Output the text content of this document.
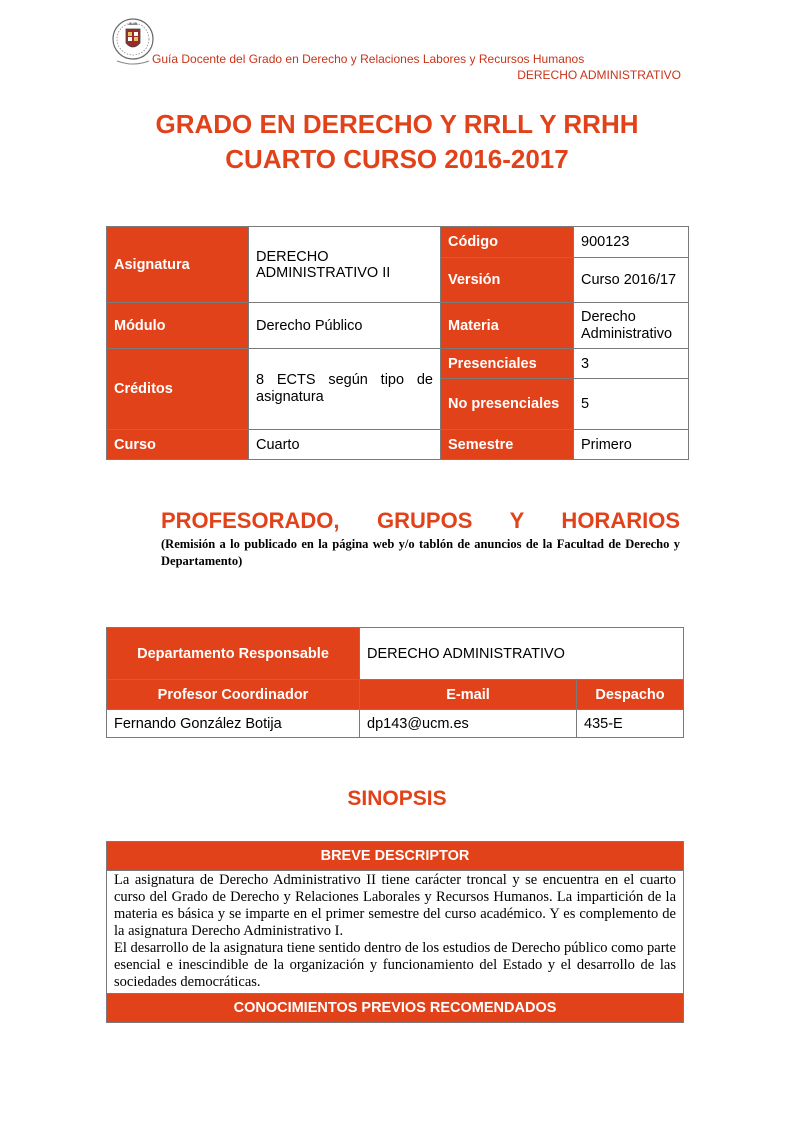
Guía Docente del Grado en Derecho y Relaciones Labores y Recursos Humanos
DERECHO ADMINISTRATIVO
GRADO EN DERECHO Y RRLL Y RRHH
CUARTO CURSO 2016-2017
Asignatura	DERECHO ADMINISTRATIVO II	Código	900123
		Versión	Curso 2016/17
Módulo	Derecho Público	Materia	Derecho Administrativo
Créditos	8 ECTS según tipo de asignatura	Presenciales	3
		No presenciales	5
Curso	Cuarto	Semestre	Primero
PROFESORADO, GRUPOS Y HORARIOS
(Remisión a lo publicado en la página web y/o tablón de anuncios de la Facultad de Derecho y Departamento)
Departamento Responsable	DERECHO ADMINISTRATIVO	
Profesor Coordinador	E-mail	Despacho
Fernando González Botija	dp143@ucm.es	435-E
SINOPSIS
BREVE DESCRIPTOR

La asignatura de Derecho Administrativo II tiene carácter troncal y se encuentra en el cuarto curso del Grado de Derecho y Relaciones Laborales y Recursos Humanos. La impartición de la materia es básica y se imparte en el primer semestre del curso académico. Y es complemento de la asignatura Derecho Administrativo I.

El desarrollo de la asignatura tiene sentido dentro de los estudios de Derecho público como parte esencial e inescindible de la organización y funcionamiento del Estado y el desarrollo de las sociedades democráticas.

CONOCIMIENTOS PREVIOS RECOMENDADOS
